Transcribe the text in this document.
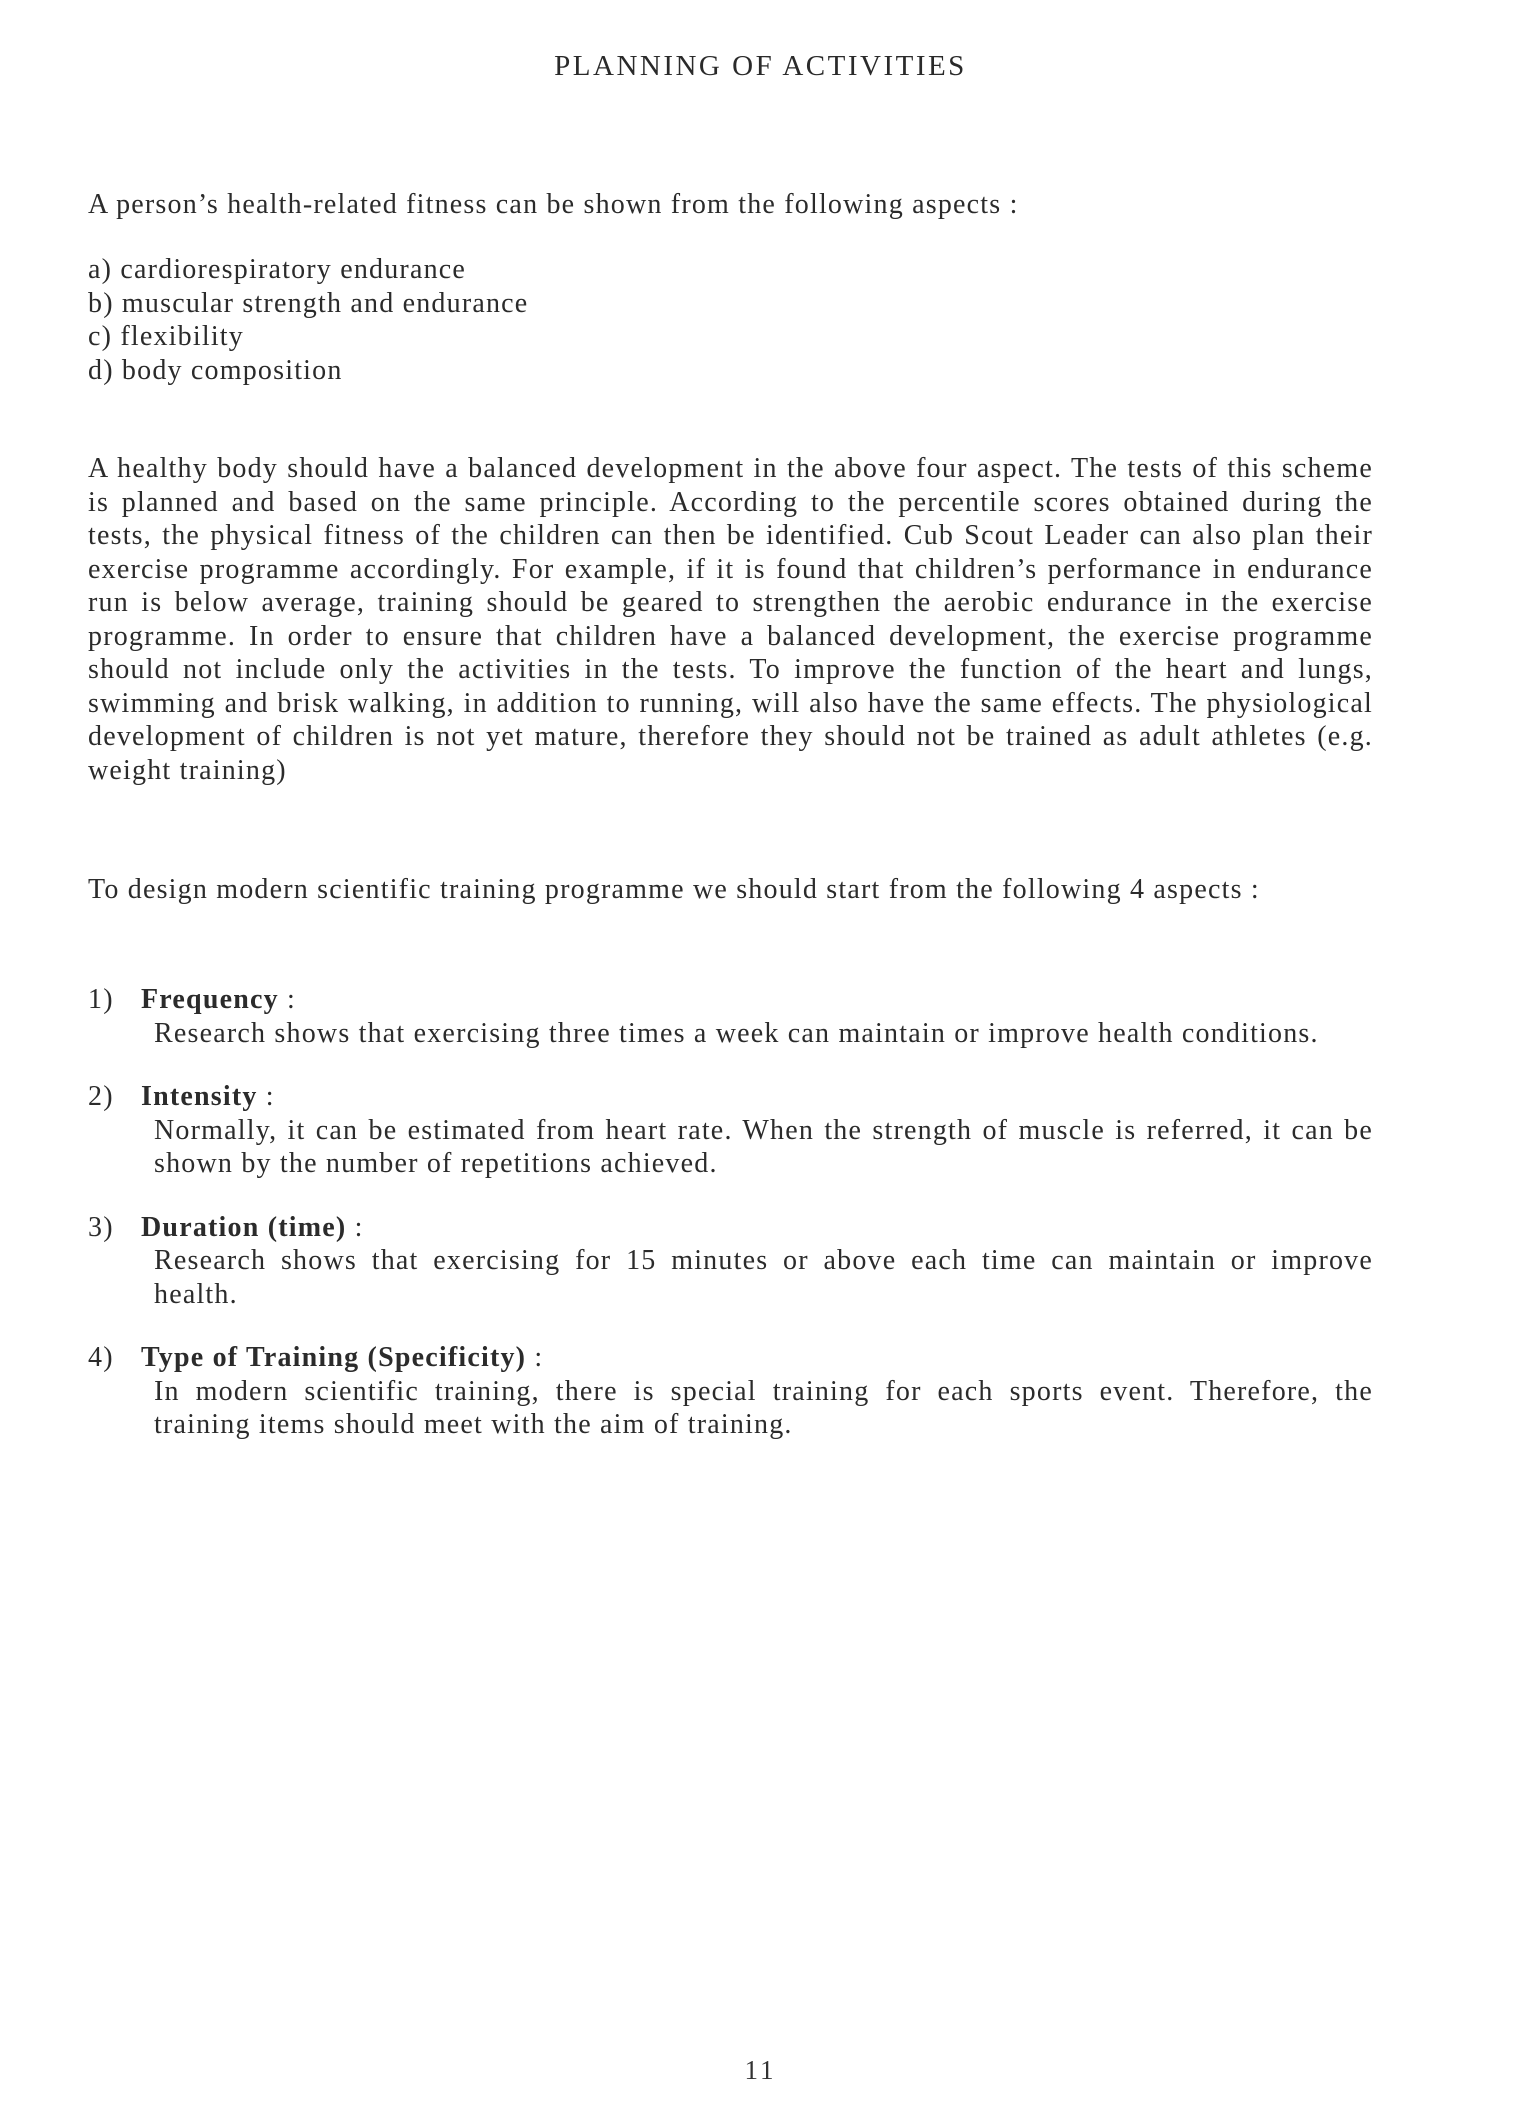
PLANNING OF ACTIVITIES
A person’s health-related fitness can be shown from the following aspects :
a) cardiorespiratory endurance
b) muscular strength and endurance
c) flexibility
d) body composition
A healthy body should have a balanced development in the above four aspect. The tests of this scheme is planned and based on the same principle. According to the percentile scores obtained during the tests, the physical fitness of the children can then be identified. Cub Scout Leader can also plan their exercise programme accordingly. For example, if it is found that children’s performance in endurance run is below average, training should be geared to strengthen the aerobic endurance in the exercise programme. In order to ensure that children have a balanced development, the exercise programme should not include only the activities in the tests. To improve the function of the heart and lungs, swimming and brisk walking, in addition to running, will also have the same effects. The physiological development of children is not yet mature, therefore they should not be trained as adult athletes (e.g. weight training)
To design modern scientific training programme we should start from the following 4 aspects :
1) Frequency :
Research shows that exercising three times a week can maintain or improve health conditions.
2) Intensity :
Normally, it can be estimated from heart rate. When the strength of muscle is referred, it can be shown by the number of repetitions achieved.
3) Duration (time) :
Research shows that exercising for 15 minutes or above each time can maintain or improve health.
4) Type of Training (Specificity) :
In modern scientific training, there is special training for each sports event. Therefore, the training items should meet with the aim of training.
11
